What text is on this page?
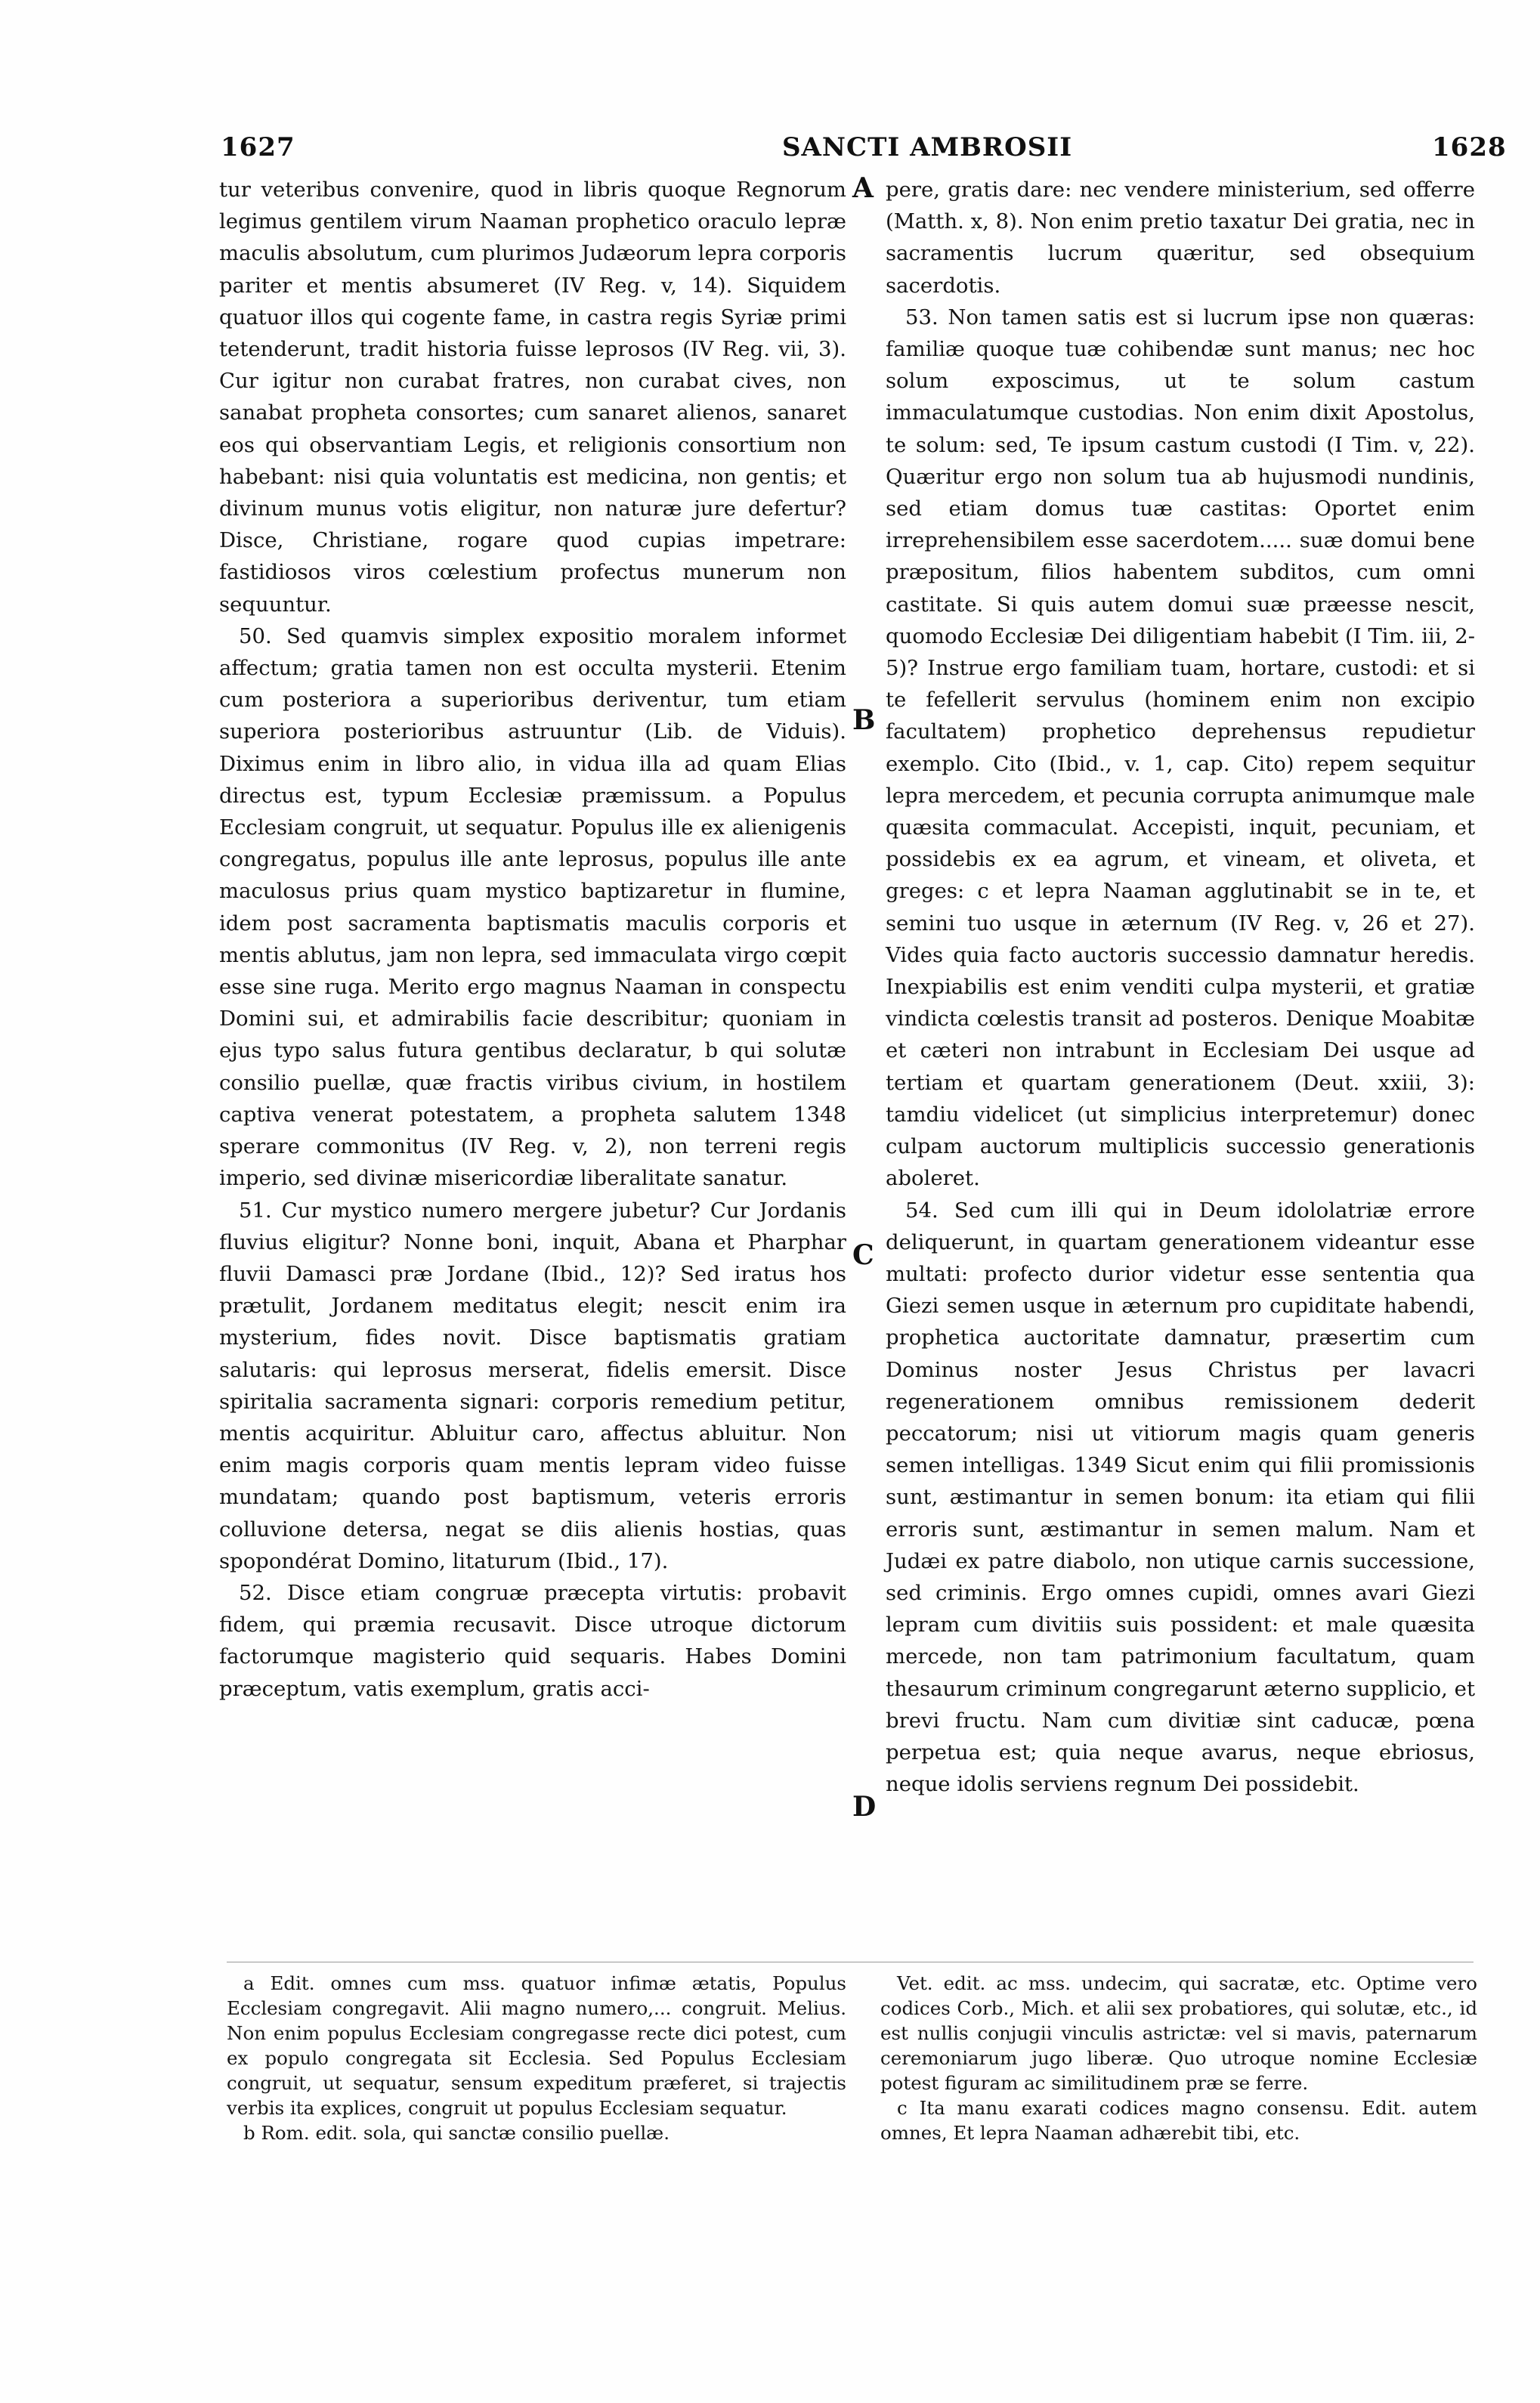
1627	SANCTI AMBROSII	1628

tur veteribus convenire, quod in libris quoque Regnorum legimus gentilem virum Naaman prophetico oraculo lepræ maculis absolutum, cum plurimos Judæorum lepra corporis pariter et mentis absumeret (IV Reg. v, 14). Siquidem quatuor illos qui cogente fame, in castra regis Syriæ primi tetenderunt, tradit historia fuisse leprosos (IV Reg. vii, 3). Cur igitur non curabat fratres, non curabat cives, non sanabat propheta consortes; cum sanaret alienos, sanaret eos qui observantiam Legis, et religionis consortium non habebant: nisi quia voluntatis est medicina, non gentis; et divinum munus votis eligitur, non naturæ jure defertur? Disce, Christiane, rogare quod cupias impetrare: fastidiosos viros cœlestium profectus munerum non sequuntur.

50. Sed quamvis simplex expositio moralem informet affectum; gratia tamen non est occulta mysterii. Etenim cum posteriora a superioribus deriventur, tum etiam superiora posterioribus astruuntur (Lib. de Viduis). Diximus enim in libro alio, in vidua illa ad quam Elias directus est, typum Ecclesiæ præmissum. a Populus Ecclesiam congruit, ut sequatur. Populus ille ex alienigenis congregatus, populus ille ante leprosus, populus ille ante maculosus prius quam mystico baptizaretur in flumine, idem post sacramenta baptismatis maculis corporis et mentis ablutus, jam non lepra, sed immaculata virgo cœpit esse sine ruga. Merito ergo magnus Naaman in conspectu Domini sui, et admirabilis facie describitur; quoniam in ejus typo salus futura gentibus declaratur, b qui solutæ consilio puellæ, quæ fractis viribus civium, in hostilem captiva venerat potestatem, a propheta salutem 1348 sperare commonitus (IV Reg. v, 2), non terreni regis imperio, sed divinæ misericordiæ liberalitate sanatur.

51. Cur mystico numero mergere jubetur? Cur Jordanis fluvius eligitur? Nonne boni, inquit, Abana et Pharphar fluvii Damasci præ Jordane (Ibid., 12)? Sed iratus hos prætulit, Jordanem meditatus elegit; nescit enim ira mysterium, fides novit. Disce baptismatis gratiam salutaris: qui leprosus merserat, fidelis emersit. Disce spiritalia sacramenta signari: corporis remedium petitur, mentis acquiritur. Abluitur caro, affectus abluitur. Non enim magis corporis quam mentis lepram video fuisse mundatam; quando post baptismum, veteris erroris colluvione detersa, negat se diis alienis hostias, quas spopondérat Domino, litaturum (Ibid., 17).

52. Disce etiam congruæ præcepta virtutis: probavit fidem, qui præmia recusavit. Disce utroque dictorum factorumque magisterio quid sequaris. Habes Domini præceptum, vatis exemplum, gratis acci-

A
B
C
D

pere, gratis dare: nec vendere ministerium, sed offerre (Matth. x, 8). Non enim pretio taxatur Dei gratia, nec in sacramentis lucrum quæritur, sed obsequium sacerdotis.

53. Non tamen satis est si lucrum ipse non quæras: familiæ quoque tuæ cohibendæ sunt manus; nec hoc solum exposcimus, ut te solum castum immaculatumque custodias. Non enim dixit Apostolus, te solum: sed, Te ipsum castum custodi (I Tim. v, 22). Quæritur ergo non solum tua ab hujusmodi nundinis, sed etiam domus tuæ castitas: Oportet enim irreprehensibilem esse sacerdotem..... suæ domui bene præpositum, filios habentem subditos, cum omni castitate. Si quis autem domui suæ præesse nescit, quomodo Ecclesiæ Dei diligentiam habebit (I Tim. iii, 2-5)? Instrue ergo familiam tuam, hortare, custodi: et si te fefellerit servulus (hominem enim non excipio facultatem) prophetico deprehensus repudietur exemplo. Cito (Ibid., v. 1, cap. Cito) repem sequitur lepra mercedem, et pecunia corrupta animumque male quæsita commaculat. Accepisti, inquit, pecuniam, et possidebis ex ea agrum, et vineam, et oliveta, et greges: c et lepra Naaman agglutinabit se in te, et semini tuo usque in æternum (IV Reg. v, 26 et 27). Vides quia facto auctoris successio damnatur heredis. Inexpiabilis est enim venditi culpa mysterii, et gratiæ vindicta cœlestis transit ad posteros. Denique Moabitæ et cæteri non intrabunt in Ecclesiam Dei usque ad tertiam et quartam generationem (Deut. xxiii, 3): tamdiu videlicet (ut simplicius interpretemur) donec culpam auctorum multiplicis successio generationis aboleret.

54. Sed cum illi qui in Deum idololatriæ errore deliquerunt, in quartam generationem videantur esse multati: profecto durior videtur esse sententia qua Giezi semen usque in æternum pro cupiditate habendi, prophetica auctoritate damnatur, præsertim cum Dominus noster Jesus Christus per lavacri regenerationem omnibus remissionem dederit peccatorum; nisi ut vitiorum magis quam generis semen intelligas. 1349 Sicut enim qui filii promissionis sunt, æstimantur in semen bonum: ita etiam qui filii erroris sunt, æstimantur in semen malum. Nam et Judæi ex patre diabolo, non utique carnis successione, sed criminis. Ergo omnes cupidi, omnes avari Giezi lepram cum divitiis suis possident: et male quæsita mercede, non tam patrimonium facultatum, quam thesaurum criminum congregarunt æterno supplicio, et brevi fructu. Nam cum divitiæ sint caducæ, pœna perpetua est; quia neque avarus, neque ebriosus, neque idolis serviens regnum Dei possidebit.

a Edit. omnes cum mss. quatuor infimæ ætatis, Populus Ecclesiam congregavit. Alii magno numero,... congruit. Melius. Non enim populus Ecclesiam congregasse recte dici potest, cum ex populo congregata sit Ecclesia. Sed Populus Ecclesiam congruit, ut sequatur, sensum expeditum præferet, si trajectis verbis ita explices, congruit ut populus Ecclesiam sequatur.

b Rom. edit. sola, qui sanctæ consilio puellæ.

Vet. edit. ac mss. undecim, qui sacratæ, etc. Optime vero codices Corb., Mich. et alii sex probatiores, qui solutæ, etc., id est nullis conjugii vinculis astrictæ: vel si mavis, paternarum ceremoniarum jugo liberæ. Quo utroque nomine Ecclesiæ potest figuram ac similitudinem præ se ferre.

c Ita manu exarati codices magno consensu. Edit. autem omnes, Et lepra Naaman adhærebit tibi, etc.
